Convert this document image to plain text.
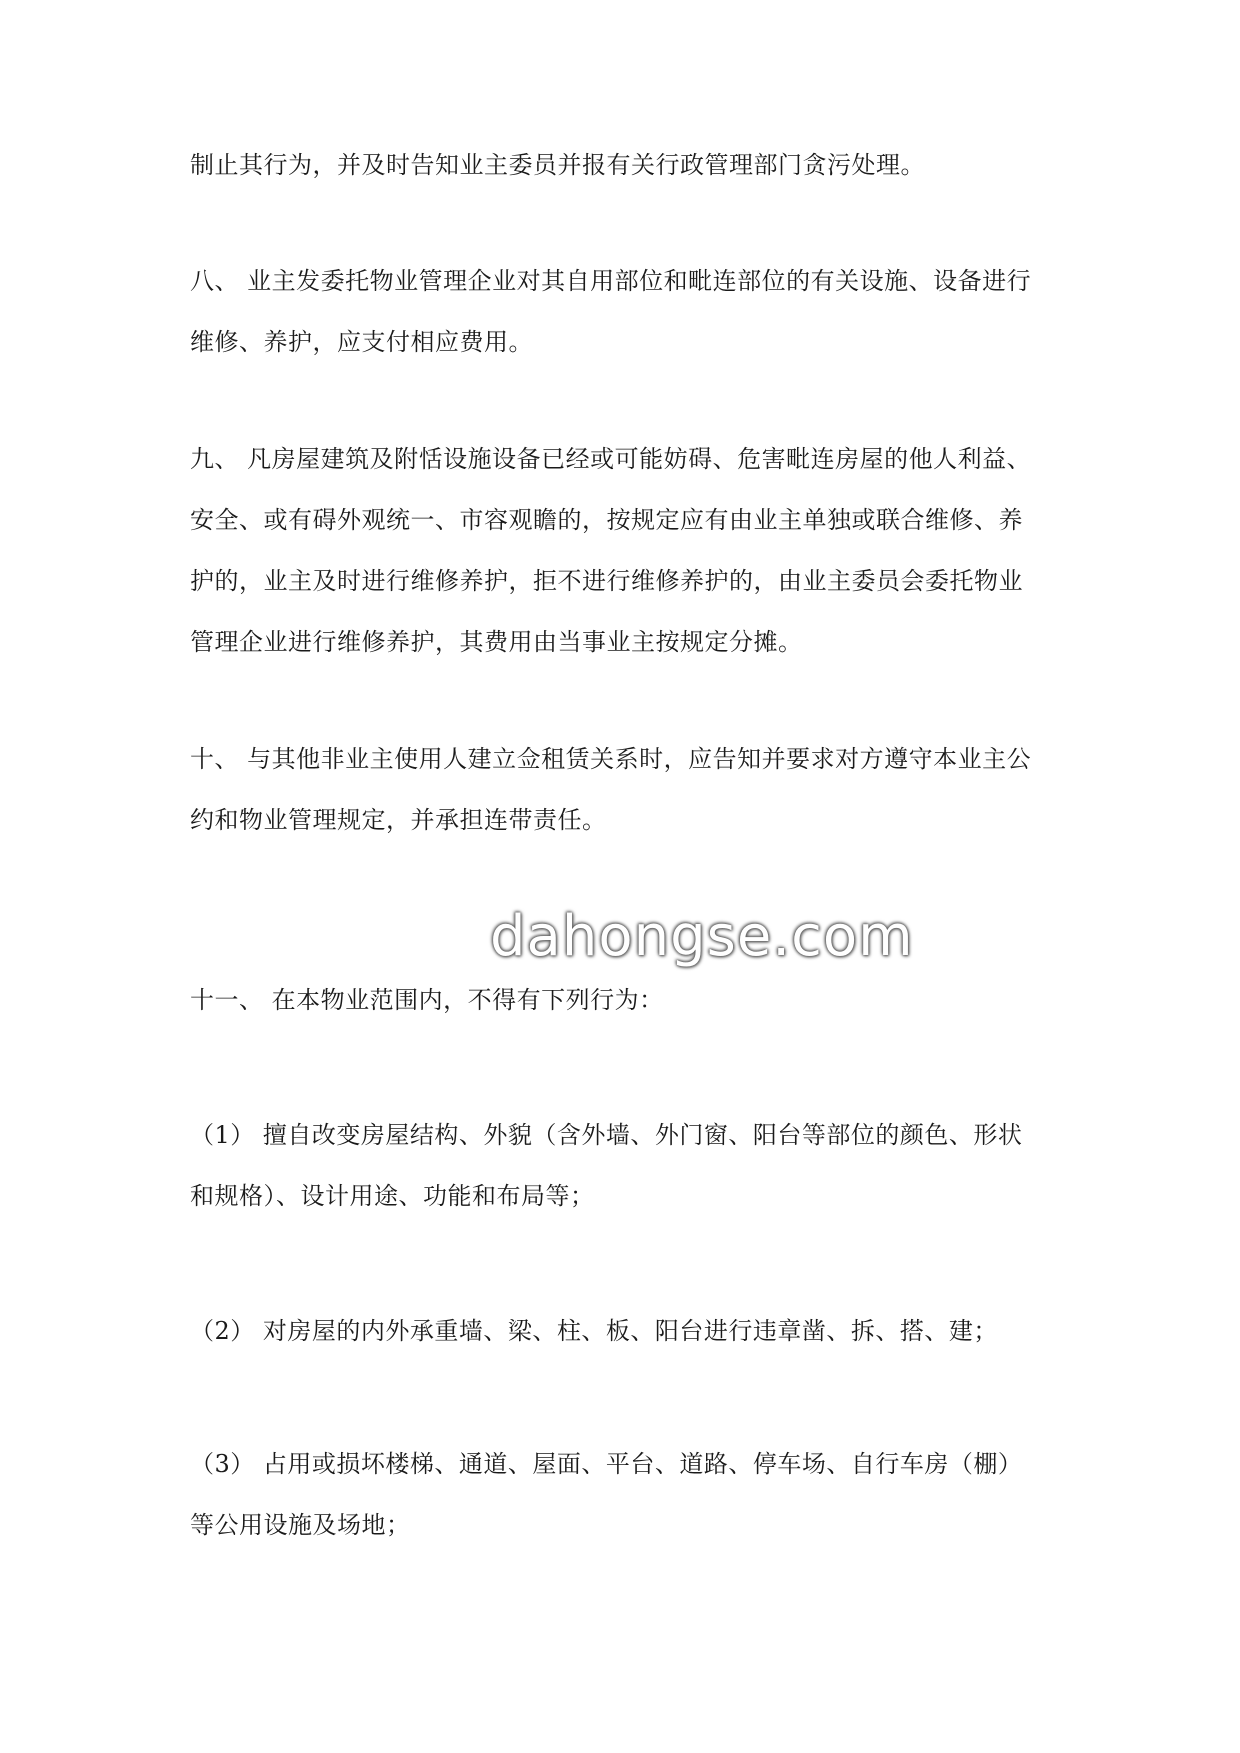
制止其行为，并及时告知业主委员并报有关行政管理部门贪污处理。
八、 业主发委托物业管理企业对其自用部位和毗连部位的有关设施、设备进行
维修、养护，应支付相应费用。
九、 凡房屋建筑及附恬设施设备已经或可能妨碍、危害毗连房屋的他人利益、
安全、或有碍外观统一、市容观瞻的，按规定应有由业主单独或联合维修、养
护的，业主及时进行维修养护，拒不进行维修养护的，由业主委员会委托物业
管理企业进行维修养护，其费用由当事业主按规定分摊。
十、 与其他非业主使用人建立佥租赁关系时，应告知并要求对方遵守本业主公
约和物业管理规定，并承担连带责任。
十一、 在本物业范围内，不得有下列行为：
（1） 擅自改变房屋结构、外貌（含外墙、外门窗、阳台等部位的颜色、形状
和规格）、设计用途、功能和布局等；
（2） 对房屋的内外承重墙、梁、柱、板、阳台进行违章凿、拆、搭、建；
（3） 占用或损坏楼梯、通道、屋面、平台、道路、停车场、自行车房（棚）
等公用设施及场地；
dahongse.com
